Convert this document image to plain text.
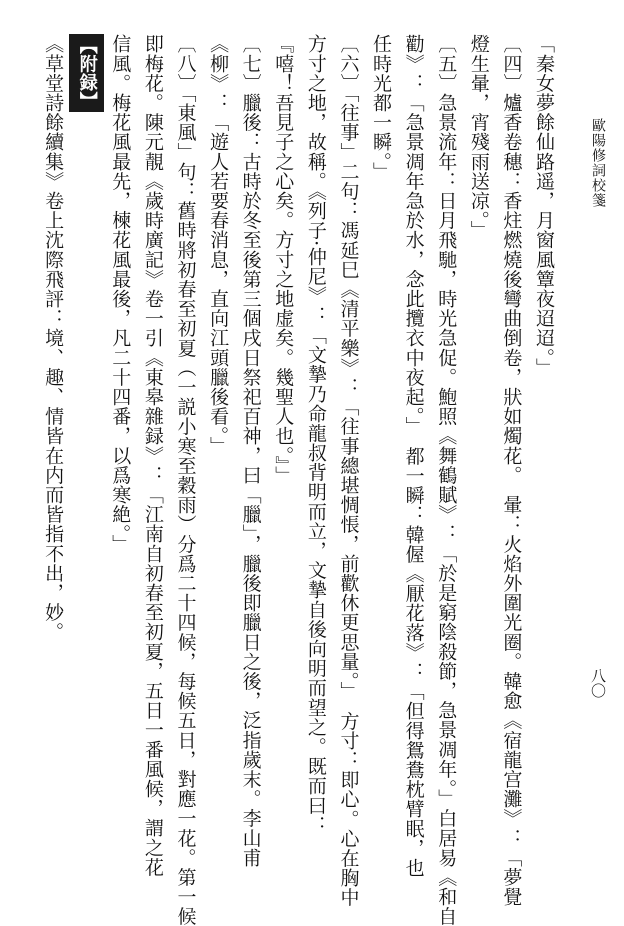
歐陽修詞校箋
八〇
「秦女夢餘仙路遥，月窗風簟夜迢迢。」
〔四〕爐香卷穗：香炷燃燒後彎曲倒卷，狀如燭花。　暈：火焰外圍光圈。韓愈《宿龍宫灘》：「夢覺
燈生暈，宵殘雨送凉。」
〔五〕急景流年：日月飛馳，時光急促。鮑照《舞鶴賦》：「於是窮陰殺節，急景凋年。」白居易《和自
勸》：「急景凋年急於水，念此攬衣中夜起。」　都一瞬：韓偓《厭花落》：「但得鴛鴦枕臂眠，也
任時光都一瞬。」
〔六〕「往事」二句：馮延巳《清平樂》：「往事總堪惆悵，前歡休更思量。」　方寸：即心。心在胸中
方寸之地，故稱。《列子·仲尼》：「文摯乃命龍叔背明而立，文摯自後向明而望之。既而曰：
『嘻！吾見子之心矣。方寸之地虚矣。幾聖人也。』」
〔七〕臘後：古時於冬至後第三個戌日祭祀百神，曰「臘」，臘後即臘日之後，泛指歲末。李山甫
《柳》：「遊人若要春消息，直向江頭臘後看。」
〔八〕「東風」句：舊時將初春至初夏（一説小寒至穀雨）分爲二十四候，每候五日，對應一花。第一候
即梅花。陳元靚《歲時廣記》卷一引《東皋雜録》：「江南自初春至初夏，五日一番風候，謂之花
信風。梅花風最先，楝花風最後，凡二十四番，以爲寒絶。」
【附録】
《草堂詩餘續集》卷上沈際飛評：境、趣、情皆在内而皆指不出，妙。
